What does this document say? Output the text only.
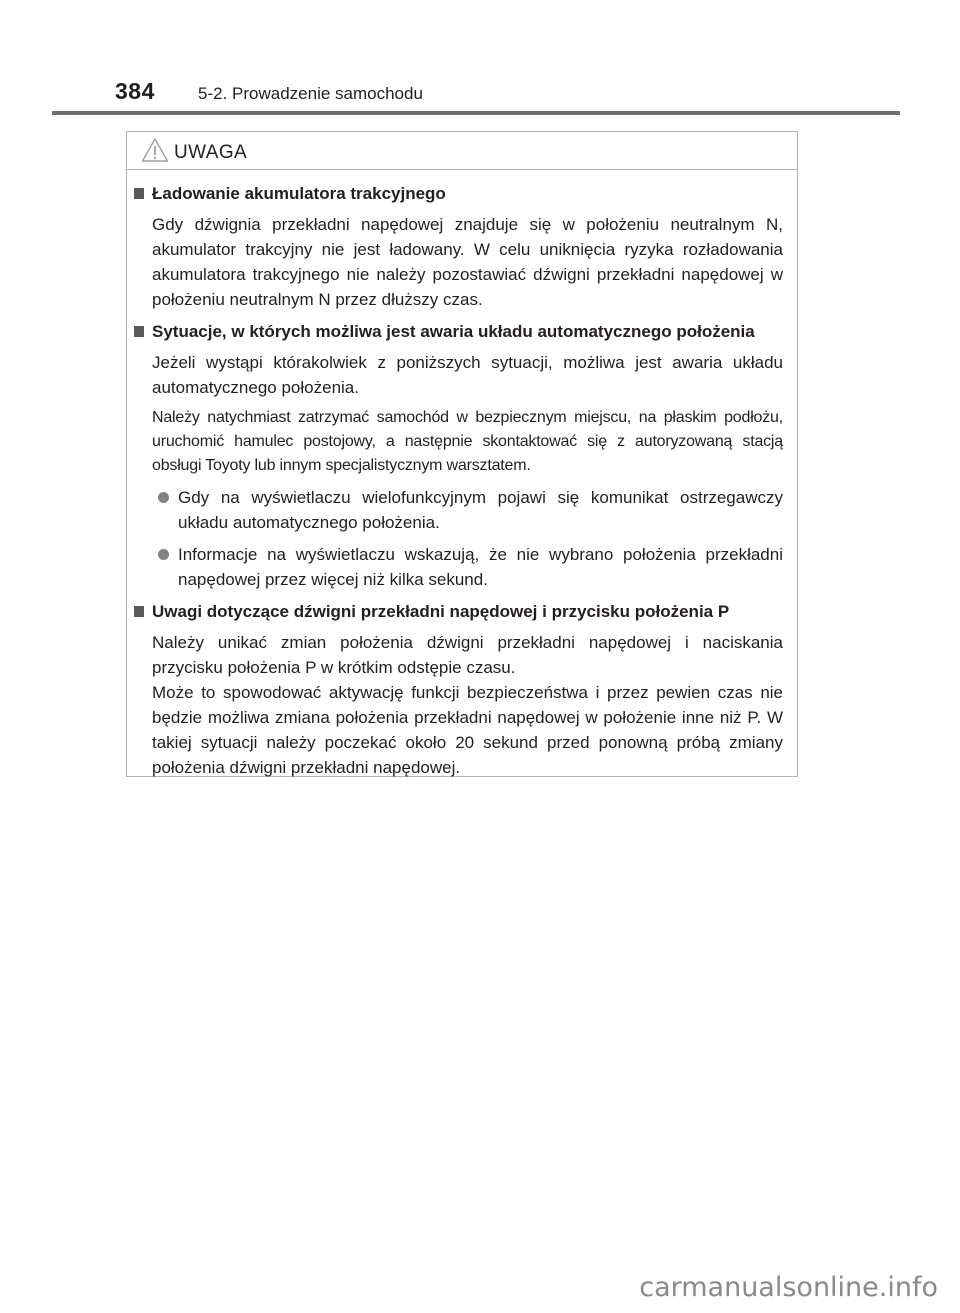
384	5-2. Prowadzenie samochodu
UWAGA
Ładowanie akumulatora trakcyjnego
Gdy dźwignia przekładni napędowej znajduje się w położeniu neutralnym N, akumulator trakcyjny nie jest ładowany. W celu uniknięcia ryzyka rozładowania akumulatora trakcyjnego nie należy pozostawiać dźwigni przekładni napędowej w położeniu neutralnym N przez dłuższy czas.
Sytuacje, w których możliwa jest awaria układu automatycznego położenia
Jeżeli wystąpi którakolwiek z poniższych sytuacji, możliwa jest awaria układu automatycznego położenia.
Należy natychmiast zatrzymać samochód w bezpiecznym miejscu, na płaskim podłożu, uruchomić hamulec postojowy, a następnie skontaktować się z autoryzowaną stacją obsługi Toyoty lub innym specjalistycznym warsztatem.
Gdy na wyświetlaczu wielofunkcyjnym pojawi się komunikat ostrzegawczy układu automatycznego położenia.
Informacje na wyświetlaczu wskazują, że nie wybrano położenia przekładni napędowej przez więcej niż kilka sekund.
Uwagi dotyczące dźwigni przekładni napędowej i przycisku położenia P
Należy unikać zmian położenia dźwigni przekładni napędowej i naciskania przycisku położenia P w krótkim odstępie czasu.
Może to spowodować aktywację funkcji bezpieczeństwa i przez pewien czas nie będzie możliwa zmiana położenia przekładni napędowej w położenie inne niż P. W takiej sytuacji należy poczekać około 20 sekund przed ponowną próbą zmiany położenia dźwigni przekładni napędowej.
carmanualsonline.info
